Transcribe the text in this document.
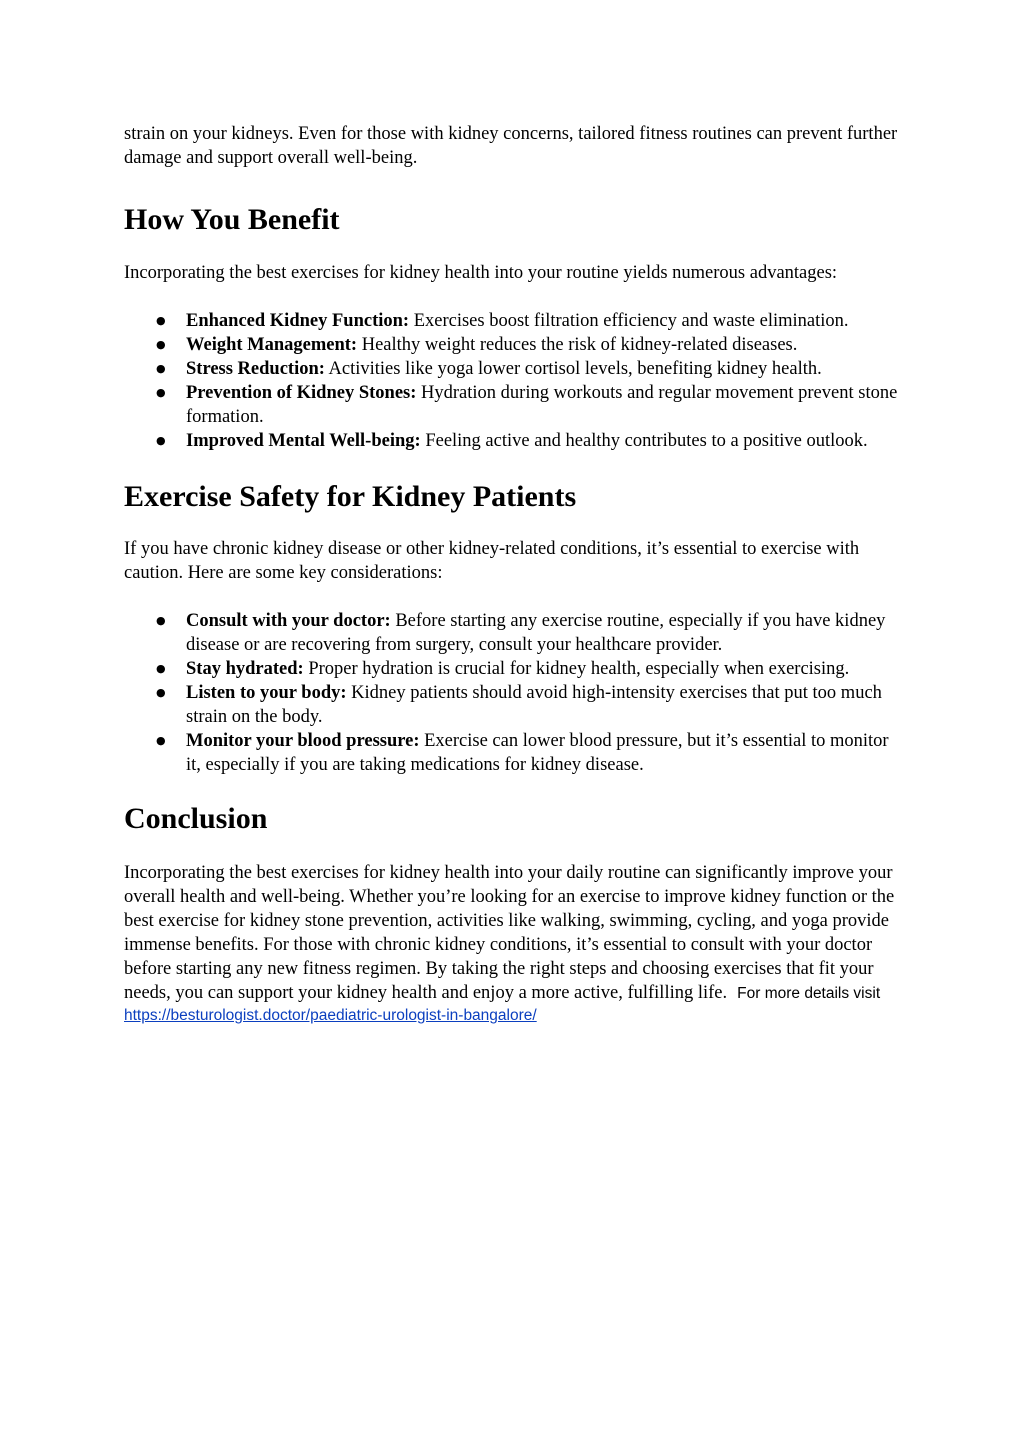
strain on your kidneys. Even for those with kidney concerns, tailored fitness routines can prevent further damage and support overall well-being.

How You Benefit

Incorporating the best exercises for kidney health into your routine yields numerous advantages:

● Enhanced Kidney Function: Exercises boost filtration efficiency and waste elimination.
● Weight Management: Healthy weight reduces the risk of kidney-related diseases.
● Stress Reduction: Activities like yoga lower cortisol levels, benefiting kidney health.
● Prevention of Kidney Stones: Hydration during workouts and regular movement prevent stone formation.
● Improved Mental Well-being: Feeling active and healthy contributes to a positive outlook.
Exercise Safety for Kidney Patients

If you have chronic kidney disease or other kidney-related conditions, it’s essential to exercise with caution. Here are some key considerations:

● Consult with your doctor: Before starting any exercise routine, especially if you have kidney disease or are recovering from surgery, consult your healthcare provider.
● Stay hydrated: Proper hydration is crucial for kidney health, especially when exercising.
● Listen to your body: Kidney patients should avoid high-intensity exercises that put too much strain on the body.
● Monitor your blood pressure: Exercise can lower blood pressure, but it’s essential to monitor it, especially if you are taking medications for kidney disease.
Conclusion

Incorporating the best exercises for kidney health into your daily routine can significantly improve your overall health and well-being. Whether you’re looking for an exercise to improve kidney function or the best exercise for kidney stone prevention, activities like walking, swimming, cycling, and yoga provide immense benefits. For those with chronic kidney conditions, it’s essential to consult with your doctor before starting any new fitness regimen. By taking the right steps and choosing exercises that fit your needs, you can support your kidney health and enjoy a more active, fulfilling life. For more details visit

https://besturologist.doctor/paediatric-urologist-in-bangalore/
